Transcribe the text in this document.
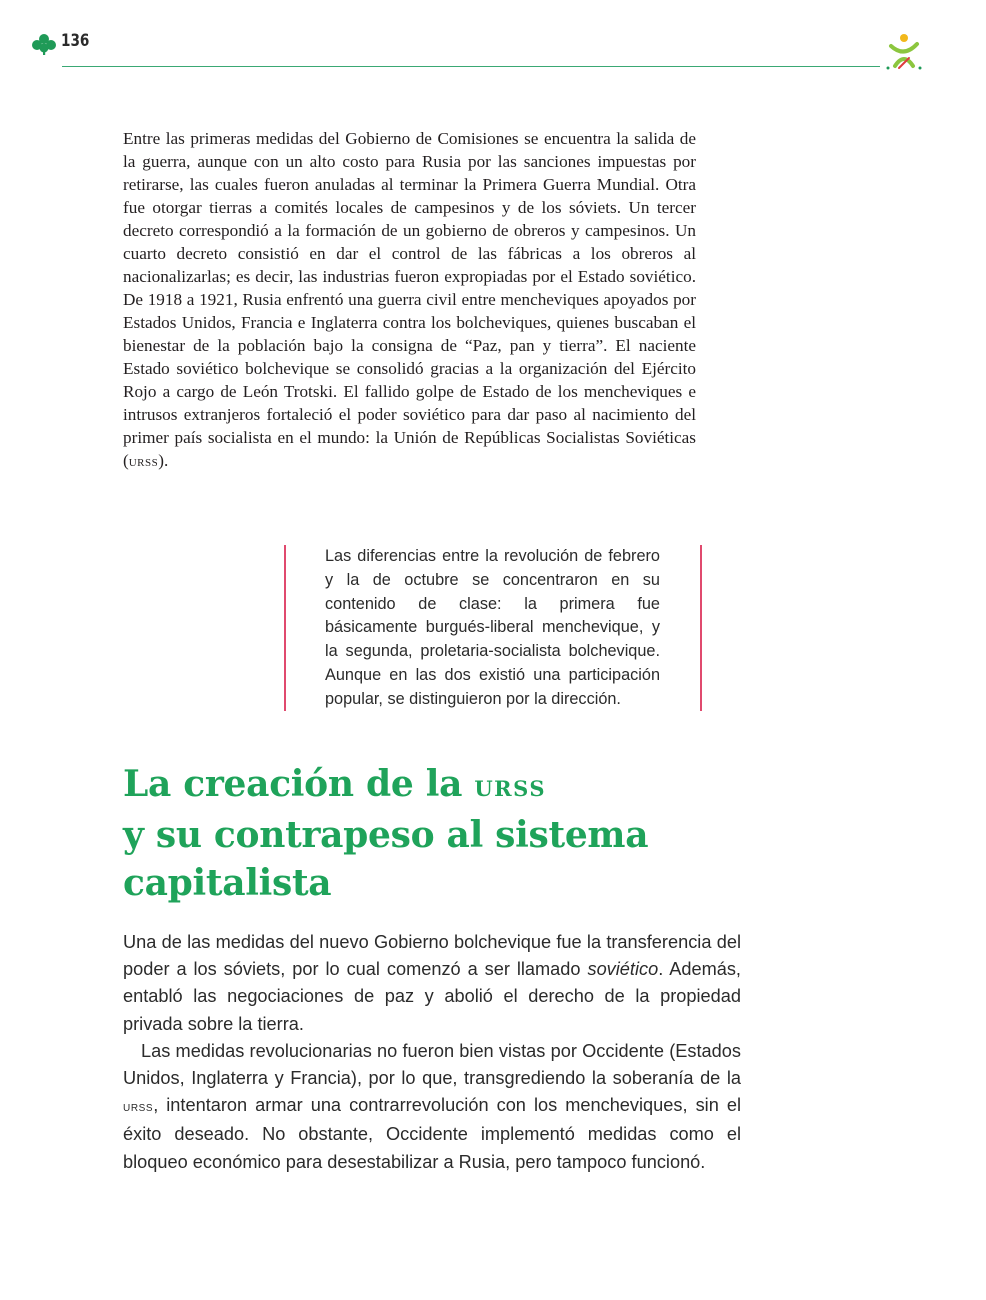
136

Entre las primeras medidas del Gobierno de Comisiones se encuentra la salida de la guerra, aunque con un alto costo para Rusia por las sanciones impuestas por retirarse, las cuales fueron anuladas al terminar la Primera Guerra Mundial. Otra fue otorgar tierras a comités locales de campesinos y de los sóviets. Un tercer decreto correspondió a la formación de un gobierno de obreros y campesinos. Un cuarto decreto consistió en dar el control de las fábricas a los obreros al nacionalizarlas; es decir, las industrias fueron expropiadas por el Estado soviético. De 1918 a 1921, Rusia enfrentó una guerra civil entre mencheviques apoyados por Estados Unidos, Francia e Inglaterra contra los bolcheviques, quienes buscaban el bienestar de la población bajo la consigna de “Paz, pan y tierra”. El naciente Estado soviético bolchevique se consolidó gracias a la organización del Ejército Rojo a cargo de León Trotski. El fallido golpe de Estado de los mencheviques e intrusos extranjeros fortaleció el poder soviético para dar paso al nacimiento del primer país socialista en el mundo: la Unión de Repúblicas Socialistas Soviéticas (urss).

Las diferencias entre la revolución de febrero y la de octubre se concentraron en su contenido de clase: la primera fue básicamente burgués-liberal menchevique, y la segunda, proletaria-socialista bolchevique. Aunque en las dos existió una participación popular, se distinguieron por la dirección.

La creación de la urss
y su contrapeso al sistema
capitalista

Una de las medidas del nuevo Gobierno bolchevique fue la transferencia del poder a los sóviets, por lo cual comenzó a ser llamado soviético. Además, entabló las negociaciones de paz y abolió el derecho de la propiedad privada sobre la tierra.

Las medidas revolucionarias no fueron bien vistas por Occidente (Estados Unidos, Inglaterra y Francia), por lo que, transgrediendo la soberanía de la urss, intentaron armar una contrarrevolución con los mencheviques, sin el éxito deseado. No obstante, Occidente implementó medidas como el bloqueo económico para desestabilizar a Rusia, pero tampoco funcionó.
